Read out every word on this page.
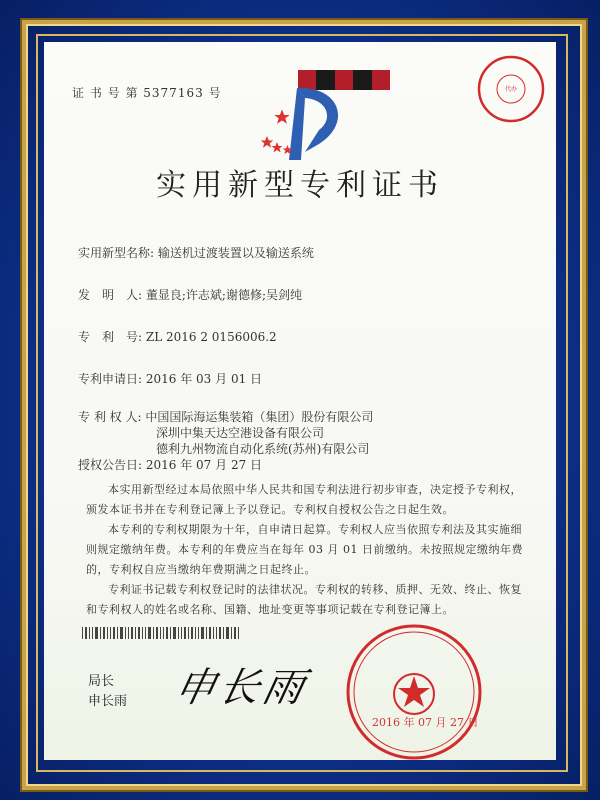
证 书 号 第 5377163 号	代办
实用新型专利证书
实用新型名称: 输送机过渡装置以及输送系统
发　明　人: 董显良;许志斌;谢德修;吴剑纯
专　利　号: ZL 2016 2 0156006.2
专利申请日: 2016 年 03 月 01 日
专 利 权 人: 中国国际海运集装箱（集团）股份有限公司
深圳中集天达空港设备有限公司
德利九州物流自动化系统(苏州)有限公司
授权公告日: 2016 年 07 月 27 日
本实用新型经过本局依照中华人民共和国专利法进行初步审查，决定授予专利权，颁发本证书并在专利登记簿上予以登记。专利权自授权公告之日起生效。
本专利的专利权期限为十年，自申请日起算。专利权人应当依照专利法及其实施细则规定缴纳年费。本专利的年费应当在每年 03 月 01 日前缴纳。未按照规定缴纳年费的，专利权自应当缴纳年费期满之日起终止。
专利证书记载专利权登记时的法律状况。专利权的转移、质押、无效、终止、恢复和专利权人的姓名或名称、国籍、地址变更等事项记载在专利登记簿上。
局长
申长雨 申长雨
2016 年 07 月 27 日
